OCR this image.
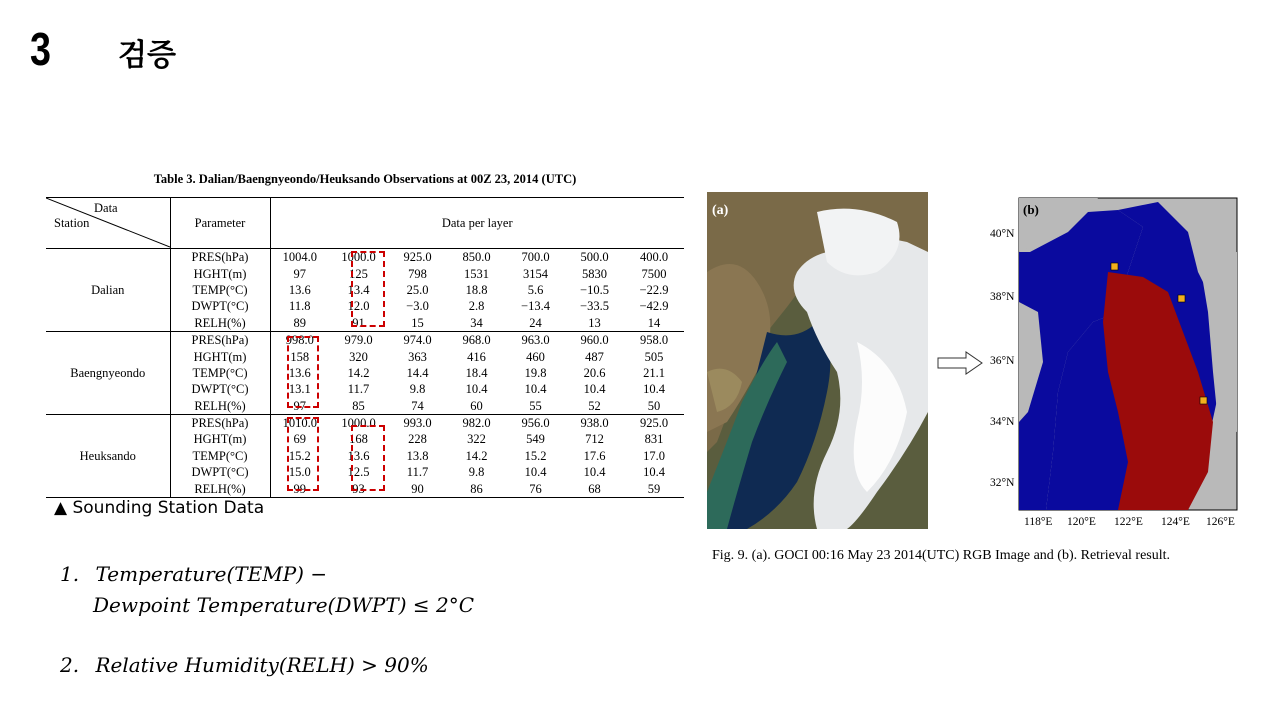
3 검증
Table 3. Dalian/Baengnyeondo/Heuksando Observations at 00Z 23, 2014 (UTC)
Data
Station	Parameter	Data per layer						
Dalian	PRES(hPa)	1004.0	1000.0	925.0	850.0	700.0	500.0	400.0
	HGHT(m)	97	125	798	1531	3154	5830	7500
	TEMP(°C)	13.6	13.4	25.0	18.8	5.6	−10.5	−22.9
	DWPT(°C)	11.8	12.0	−3.0	2.8	−13.4	−33.5	−42.9
	RELH(%)	89	91	15	34	24	13	14
Baengnyeondo	PRES(hPa)	998.0	979.0	974.0	968.0	963.0	960.0	958.0
	HGHT(m)	158	320	363	416	460	487	505
	TEMP(°C)	13.6	14.2	14.4	18.4	19.8	20.6	21.1
	DWPT(°C)	13.1	11.7	9.8	10.4	10.4	10.4	10.4
	RELH(%)	97	85	74	60	55	52	50
Heuksando	PRES(hPa)	1010.0	1000.0	993.0	982.0	956.0	938.0	925.0
	HGHT(m)	69	168	228	322	549	712	831
	TEMP(°C)	15.2	13.6	13.8	14.2	15.2	17.6	17.0
	DWPT(°C)	15.0	12.5	11.7	9.8	10.4	10.4	10.4
	RELH(%)	99	93	90	86	76	68	59
▲ Sounding Station Data
1. Temperature(TEMP) −
Dewpoint Temperature(DWPT) ≤ 2°C
2. Relative Humidity(RELH) > 90%
(a)	(b)
40°N
38°N
36°N
34°N
32°N
118°E 120°E 122°E 124°E 126°E
Fig. 9. (a). GOCI 00:16 May 23 2014(UTC) RGB Image and (b). Retrieval result.
